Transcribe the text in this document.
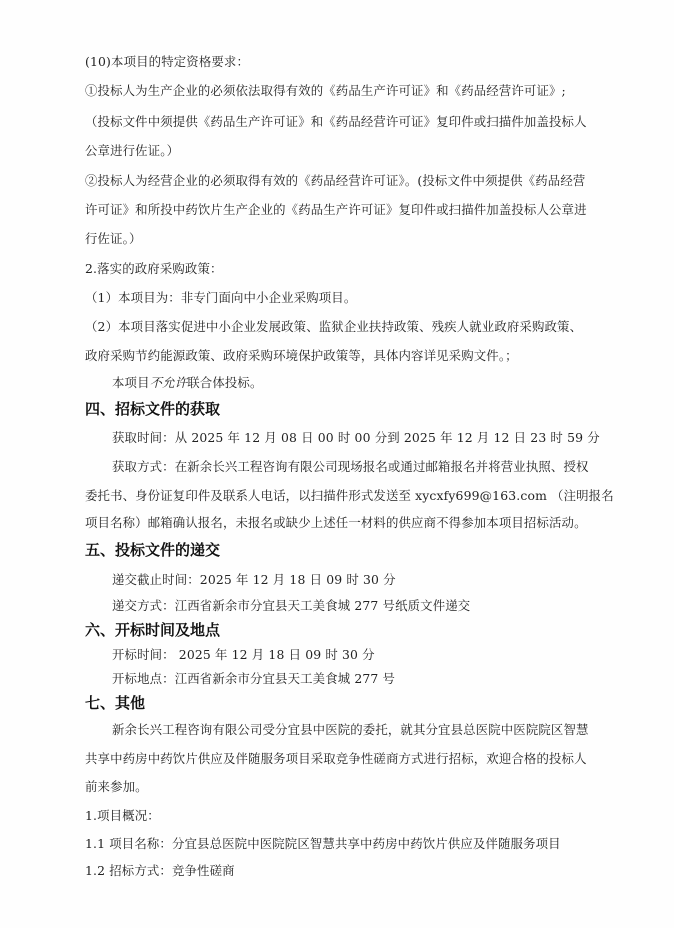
(10)本项目的特定资格要求：
①投标人为生产企业的必须依法取得有效的《药品生产许可证》和《药品经营许可证》;
（投标文件中须提供《药品生产许可证》和《药品经营许可证》复印件或扫描件加盖投标人
公章进行佐证。）
②投标人为经营企业的必须取得有效的《药品经营许可证》。(投标文件中须提供《药品经营
许可证》和所投中药饮片生产企业的《药品生产许可证》复印件或扫描件加盖投标人公章进
行佐证。）
2.落实的政府采购政策：
（1）本项目为：非专门面向中小企业采购项目。
（2）本项目落实促进中小企业发展政策、监狱企业扶持政策、残疾人就业政府采购政策、
政府采购节约能源政策、政府采购环境保护政策等，具体内容详见采购文件。；
本项目不允许联合体投标。
四、招标文件的获取
获取时间：从 2025 年 12 月 08 日 00 时 00 分到 2025 年 12 月 12 日 23 时 59 分
获取方式：在新余长兴工程咨询有限公司现场报名或通过邮箱报名并将营业执照、授权
委托书、身份证复印件及联系人电话，以扫描件形式发送至 xycxfy699@163.com （注明报名
项目名称）邮箱确认报名，未报名或缺少上述任一材料的供应商不得参加本项目招标活动。
五、投标文件的递交
递交截止时间：2025 年 12 月 18 日 09 时 30 分
递交方式：江西省新余市分宜县天工美食城 277 号纸质文件递交
六、开标时间及地点
开标时间： 2025 年 12 月 18 日 09 时 30 分
开标地点：江西省新余市分宜县天工美食城 277 号
七、其他
新余长兴工程咨询有限公司受分宜县中医院的委托，就其分宜县总医院中医院院区智慧
共享中药房中药饮片供应及伴随服务项目采取竞争性磋商方式进行招标，欢迎合格的投标人
前来参加。
1.项目概况：
1.1 项目名称：分宜县总医院中医院院区智慧共享中药房中药饮片供应及伴随服务项目
1.2 招标方式：竞争性磋商
